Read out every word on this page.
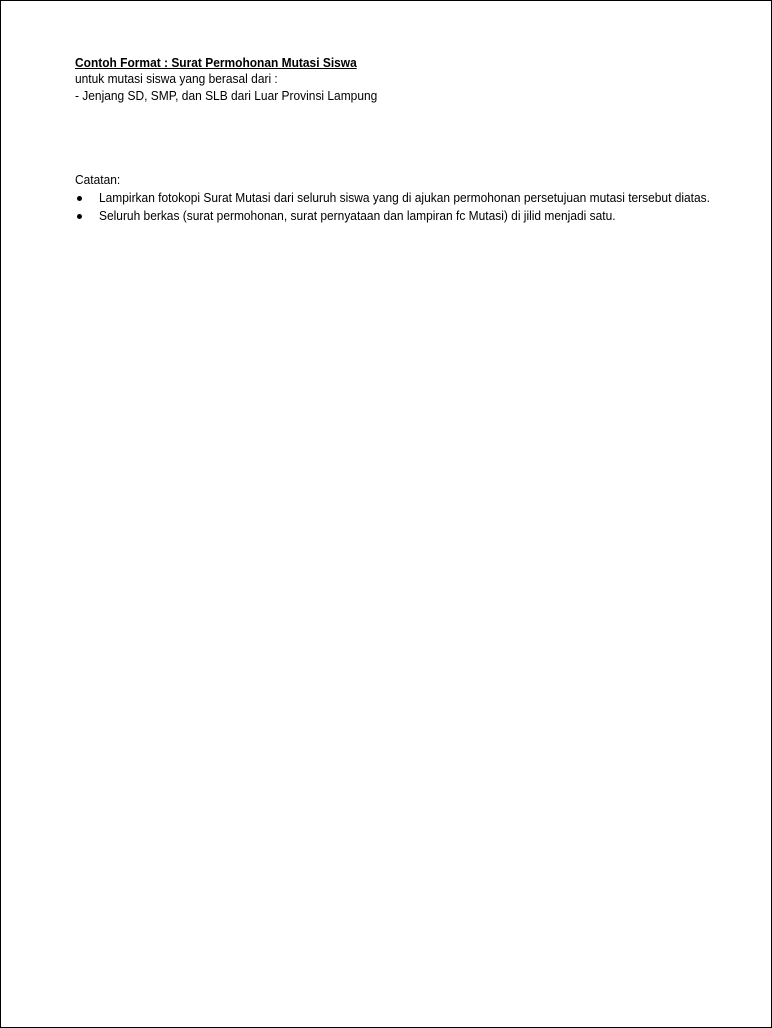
Contoh Format : Surat Permohonan Mutasi Siswa
untuk mutasi siswa yang berasal dari :
- Jenjang SD, SMP, dan SLB dari Luar Provinsi Lampung
Catatan:
Lampirkan fotokopi Surat Mutasi dari seluruh siswa yang di ajukan permohonan persetujuan mutasi tersebut diatas.
Seluruh berkas (surat permohonan, surat pernyataan dan lampiran fc Mutasi) di jilid menjadi satu.
